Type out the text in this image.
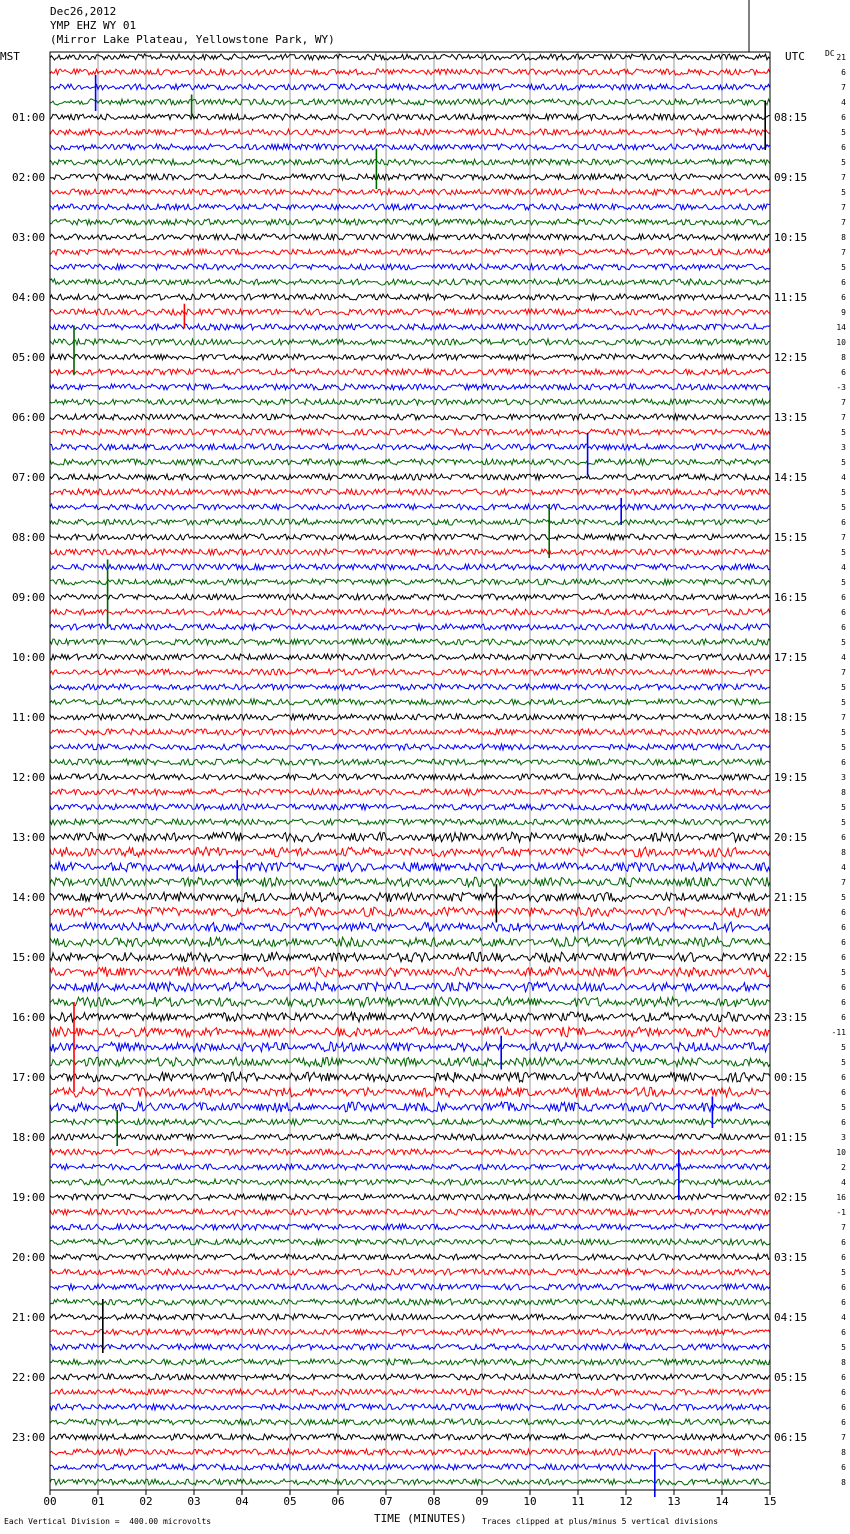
MST	UTC	DC
01:00
02:00
03:00
04:00
05:00
06:00
07:00
08:00
09:00
10:00
11:00
12:00
13:00
14:00
15:00
16:00
17:00
18:00
19:00
20:00
21:00
22:00
23:00
08:15
09:15
10:15
11:15
12:15
13:15
14:15
15:15
16:15
17:15
18:15
19:15
20:15
21:15
22:15
23:15
00:15
01:15
02:15
03:15
04:15
05:15
06:15
21
6
7
4
6
5
6
5
7
5
7
7
8
7
5
6
6
9
14
10
8
6
-3
7
7
5
3
5
4
5
5
6
7
5
4
5
6
6
6
5
4
7
5
5
7
5
5
6
3
8
5
5
6
8
4
7
5
6
6
6
6
5
6
6
6
-11
5
5
6
6
5
6
3
10
2
4
16
-1
7
6
6
5
6
6
4
6
5
8
6
6
6
6
7
8
6
8
00	01	02	03	04	05	06	07	08	09	10	11	12	13	14	15
Dec26,2012
YMP EHZ WY 01
(Mirror Lake Plateau, Yellowstone Park, WY)
Each Vertical Division =  400.00 microvolts	TIME (MINUTES) Traces clipped at plus/minus 5 vertical divisions
